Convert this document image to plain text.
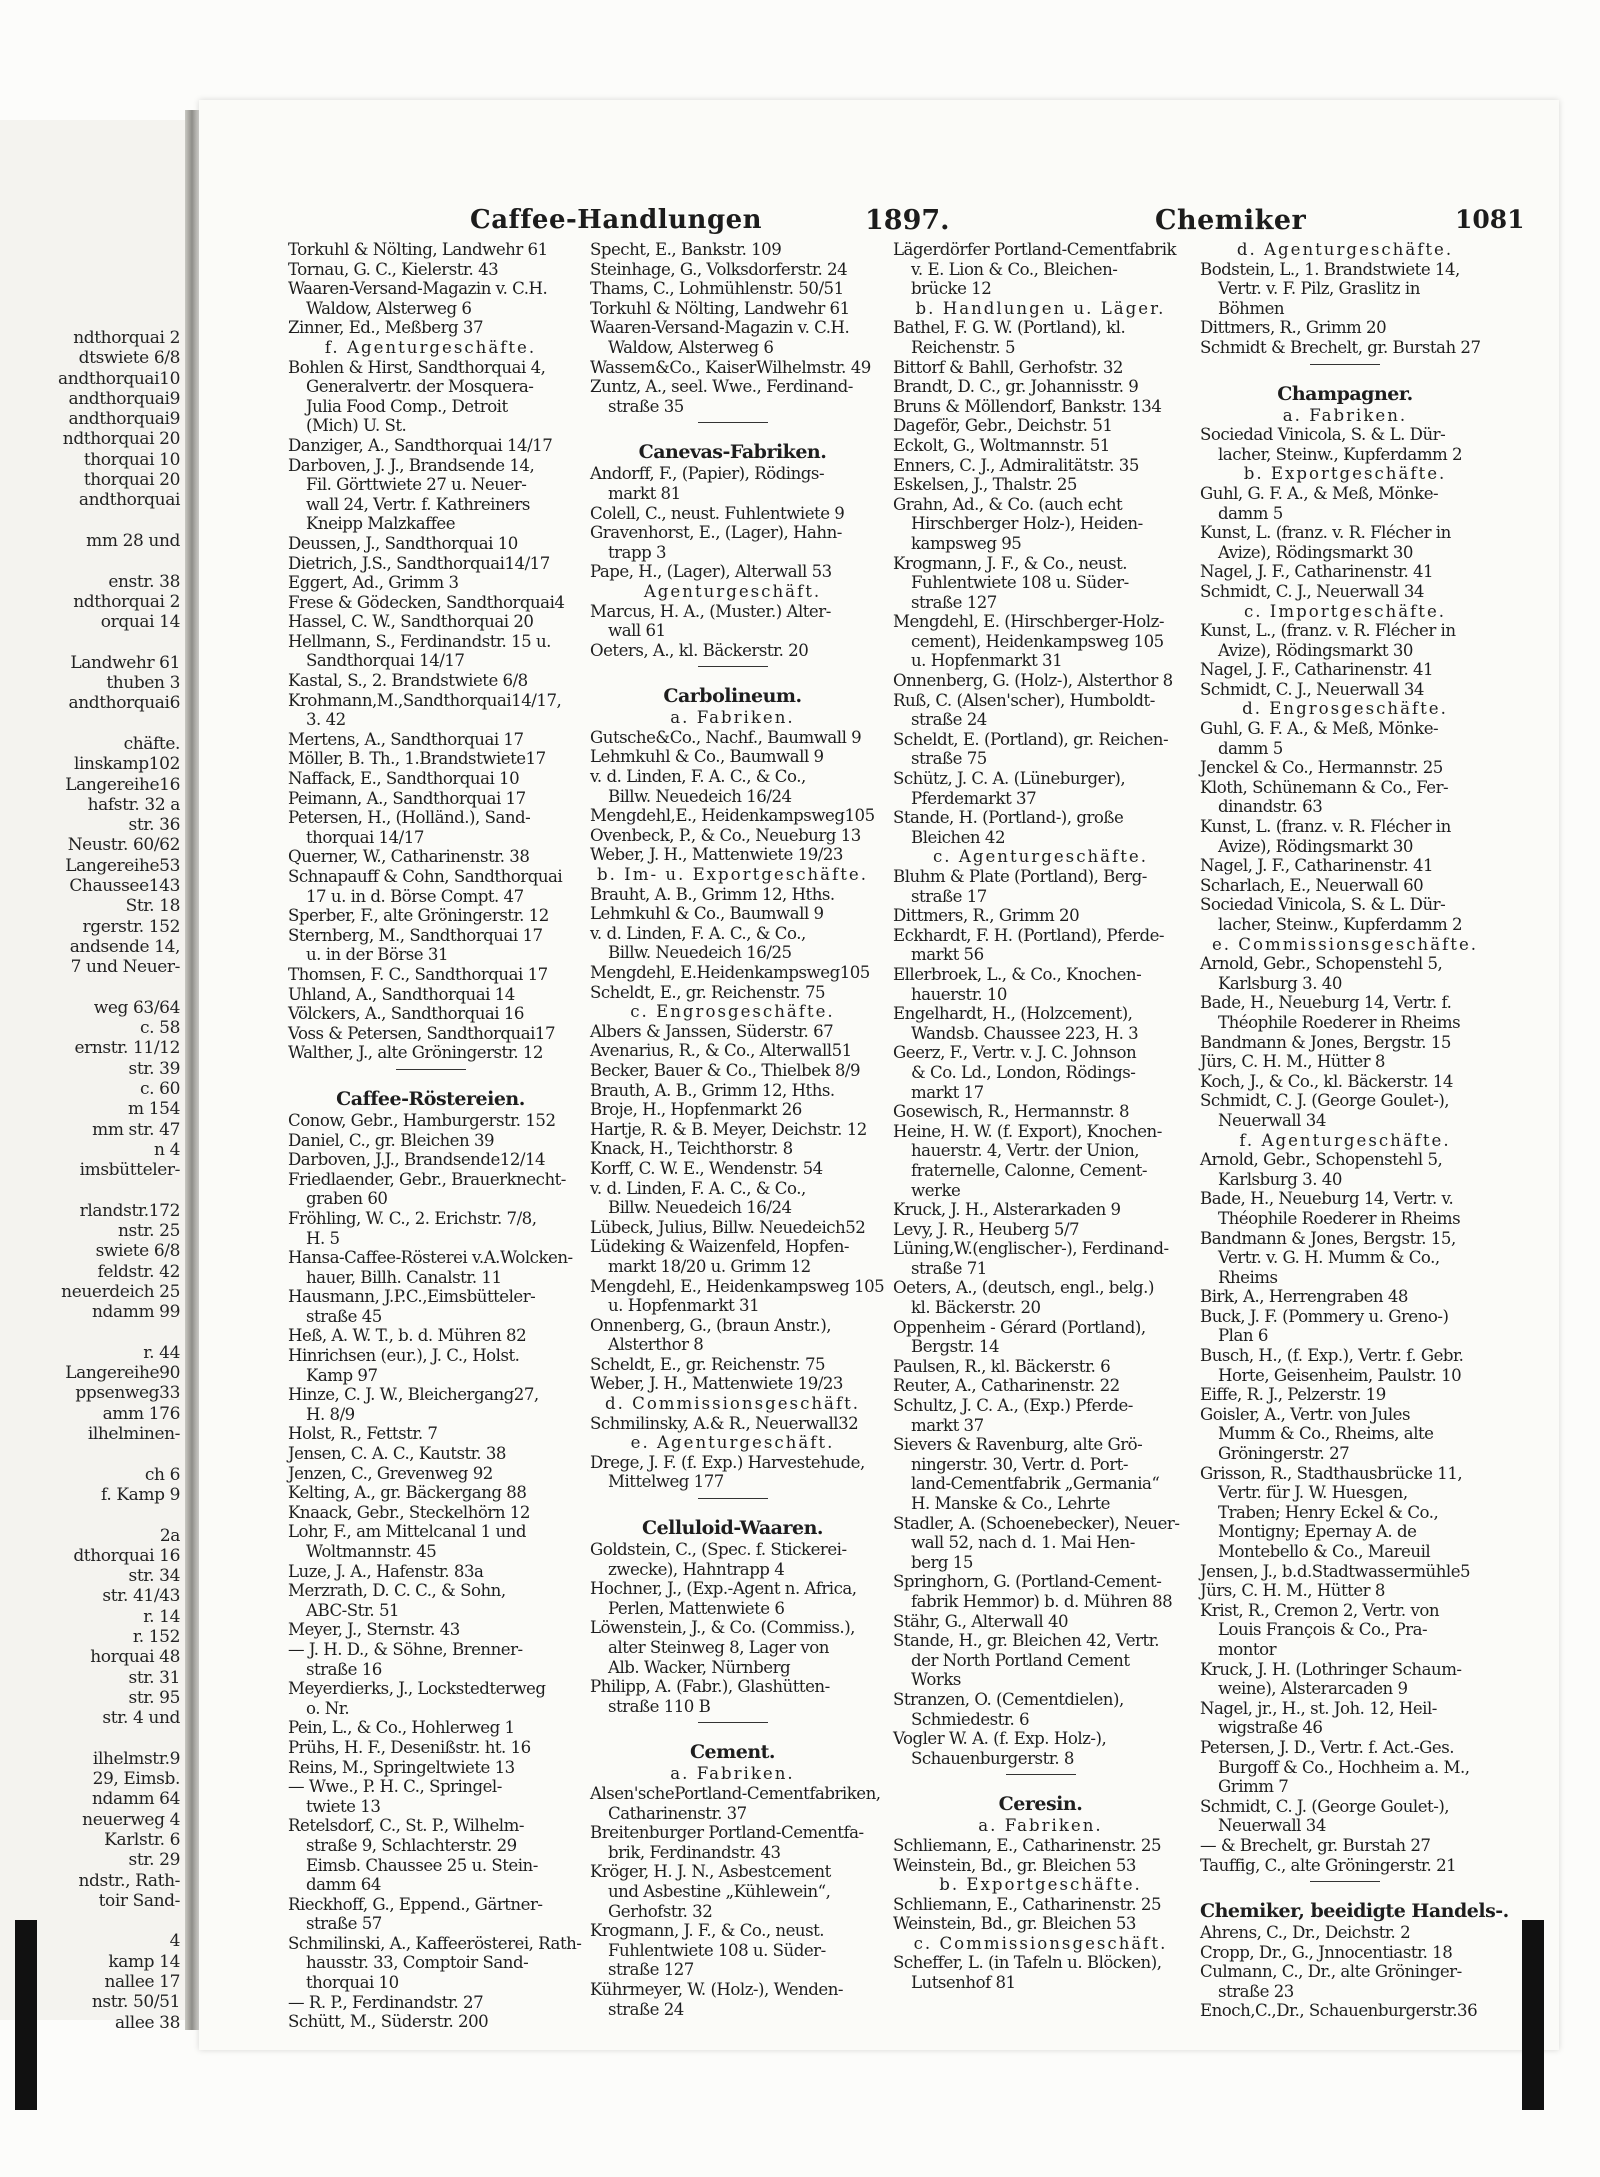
ndthorquai 2
dtswiete 6/8
andthorquai10
andthorquai9
andthorquai9
ndthorquai 20
thorquai 10
thorquai 20
andthorquai

mm 28 und

enstr. 38
ndthorquai 2
orquai 14

Landwehr 61
thuben 3
andthorquai6

chäfte.
linskamp102
Langereihe16
hafstr. 32 a
str. 36
Neustr. 60/62
Langereihe53
Chaussee143
Str. 18
rgerstr. 152
andsende 14,
7 und Neuer-

weg 63/64
c. 58
ernstr. 11/12
str. 39
c. 60
m 154
mm str. 47
n 4
imsbütteler-

rlandstr.172
nstr. 25
swiete 6/8
feldstr. 42
neuerdeich 25
ndamm 99

r. 44
Langereihe90
ppsenweg33
amm 176
ilhelminen-

ch 6
f. Kamp 9

2a
dthorquai 16
str. 34
str. 41/43
r. 14
r. 152
horquai 48
str. 31
str. 95
str. 4 und

ilhelmstr.9
29, Eimsb.
ndamm 64
neuerweg 4
Karlstr. 6
str. 29
ndstr., Rath-
toir Sand-

4
kamp 14
nallee 17
nstr. 50/51
allee 38
Caffee-Handlungen	1897.	Chemiker	1081
Torkuhl & Nölting, Landwehr 61
Tornau, G. C., Kielerstr. 43
Waaren-Versand-Magazin v. C.H.
Waldow, Alsterweg 6
Zinner, Ed., Meßberg 37
f. Agenturgeschäfte.
Bohlen & Hirst, Sandthorquai 4,
Generalvertr. der Mosquera-
Julia Food Comp., Detroit
(Mich) U. St.
Danziger, A., Sandthorquai 14/17
Darboven, J. J., Brandsende 14,
Fil. Görttwiete 27 u. Neuer-
wall 24, Vertr. f. Kathreiners
Kneipp Malzkaffee
Deussen, J., Sandthorquai 10
Dietrich, J.S., Sandthorquai14/17
Eggert, Ad., Grimm 3
Frese & Gödecken, Sandthorquai4
Hassel, C. W., Sandthorquai 20
Hellmann, S., Ferdinandstr. 15 u.
Sandthorquai 14/17
Kastal, S., 2. Brandstwiete 6/8
Krohmann,M.,Sandthorquai14/17,
3. 42
Mertens, A., Sandthorquai 17
Möller, B. Th., 1.Brandstwiete17
Naffack, E., Sandthorquai 10
Peimann, A., Sandthorquai 17
Petersen, H., (Holländ.), Sand-
thorquai 14/17
Querner, W., Catharinenstr. 38
Schnapauff & Cohn, Sandthorquai
17 u. in d. Börse Compt. 47
Sperber, F., alte Gröningerstr. 12
Sternberg, M., Sandthorquai 17
u. in der Börse 31
Thomsen, F. C., Sandthorquai 17
Uhland, A., Sandthorquai 14
Völckers, A., Sandthorquai 16
Voss & Petersen, Sandthorquai17
Walther, J., alte Gröningerstr. 12
Caffee-Röstereien.
Conow, Gebr., Hamburgerstr. 152
Daniel, C., gr. Bleichen 39
Darboven, J.J., Brandsende12/14
Friedlaender, Gebr., Brauerknecht-
graben 60
Fröhling, W. C., 2. Erichstr. 7/8,
H. 5
Hansa-Caffee-Rösterei v.A.Wolcken-
hauer, Billh. Canalstr. 11
Hausmann, J.P.C.,Eimsbütteler-
straße 45
Heß, A. W. T., b. d. Mühren 82
Hinrichsen (eur.), J. C., Holst.
Kamp 97
Hinze, C. J. W., Bleichergang27,
H. 8/9
Holst, R., Fettstr. 7
Jensen, C. A. C., Kautstr. 38
Jenzen, C., Grevenweg 92
Kelting, A., gr. Bäckergang 88
Knaack, Gebr., Steckelhörn 12
Lohr, F., am Mittelcanal 1 und
Woltmannstr. 45
Luze, J. A., Hafenstr. 83a
Merzrath, D. C. C., & Sohn,
ABC-Str. 51
Meyer, J., Sternstr. 43
— J. H. D., & Söhne, Brenner-
straße 16
Meyerdierks, J., Lockstedterweg
o. Nr.
Pein, L., & Co., Hohlerweg 1
Prühs, H. F., Desenißstr. ht. 16
Reins, M., Springeltwiete 13
— Wwe., P. H. C., Springel-
twiete 13
Retelsdorf, C., St. P., Wilhelm-
straße 9, Schlachterstr. 29
Eimsb. Chaussee 25 u. Stein-
damm 64
Rieckhoff, G., Eppend., Gärtner-
straße 57
Schmilinski, A., Kaffeerösterei, Rath-
hausstr. 33, Comptoir Sand-
thorquai 10
— R. P., Ferdinandstr. 27
Schütt, M., Süderstr. 200
Specht, E., Bankstr. 109
Steinhage, G., Volksdorferstr. 24
Thams, C., Lohmühlenstr. 50/51
Torkuhl & Nölting, Landwehr 61
Waaren-Versand-Magazin v. C.H.
Waldow, Alsterweg 6
Wassem&Co., KaiserWilhelmstr. 49
Zuntz, A., seel. Wwe., Ferdinand-
straße 35
Canevas-Fabriken.
Andorff, F., (Papier), Rödings-
markt 81
Colell, C., neust. Fuhlentwiete 9
Gravenhorst, E., (Lager), Hahn-
trapp 3
Pape, H., (Lager), Alterwall 53
Agenturgeschäft.
Marcus, H. A., (Muster.) Alter-
wall 61
Oeters, A., kl. Bäckerstr. 20
Carbolineum.
a. Fabriken.
Gutsche&Co., Nachf., Baumwall 9
Lehmkuhl & Co., Baumwall 9
v. d. Linden, F. A. C., & Co.,
Billw. Neuedeich 16/24
Mengdehl,E., Heidenkampsweg105
Ovenbeck, P., & Co., Neueburg 13
Weber, J. H., Mattenwiete 19/23
b. Im- u. Exportgeschäfte.
Brauht, A. B., Grimm 12, Hths.
Lehmkuhl & Co., Baumwall 9
v. d. Linden, F. A. C., & Co.,
Billw. Neuedeich 16/25
Mengdehl, E.Heidenkampsweg105
Scheldt, E., gr. Reichenstr. 75
c. Engrosgeschäfte.
Albers & Janssen, Süderstr. 67
Avenarius, R., & Co., Alterwall51
Becker, Bauer & Co., Thielbek 8/9
Brauth, A. B., Grimm 12, Hths.
Broje, H., Hopfenmarkt 26
Hartje, R. & B. Meyer, Deichstr. 12
Knack, H., Teichthorstr. 8
Korff, C. W. E., Wendenstr. 54
v. d. Linden, F. A. C., & Co.,
Billw. Neuedeich 16/24
Lübeck, Julius, Billw. Neuedeich52
Lüdeking & Waizenfeld, Hopfen-
markt 18/20 u. Grimm 12
Mengdehl, E., Heidenkampsweg 105
u. Hopfenmarkt 31
Onnenberg, G., (braun Anstr.),
Alsterthor 8
Scheldt, E., gr. Reichenstr. 75
Weber, J. H., Mattenwiete 19/23
d. Commissionsgeschäft.
Schmilinsky, A.& R., Neuerwall32
e. Agenturgeschäft.
Drege, J. F. (f. Exp.) Harvestehude,
Mittelweg 177
Celluloid-Waaren.
Goldstein, C., (Spec. f. Stickerei-
zwecke), Hahntrapp 4
Hochner, J., (Exp.-Agent n. Africa,
Perlen, Mattenwiete 6
Löwenstein, J., & Co. (Commiss.),
alter Steinweg 8, Lager von
Alb. Wacker, Nürnberg
Philipp, A. (Fabr.), Glashütten-
straße 110 B
Cement.
a. Fabriken.
Alsen'schePortland-Cementfabriken,
Catharinenstr. 37
Breitenburger Portland-Cementfa-
brik, Ferdinandstr. 43
Kröger, H. J. N., Asbestcement
und Asbestine „Kühlewein“,
Gerhofstr. 32
Krogmann, J. F., & Co., neust.
Fuhlentwiete 108 u. Süder-
straße 127
Kührmeyer, W. (Holz-), Wenden-
straße 24
Lägerdörfer Portland-Cementfabrik
v. E. Lion & Co., Bleichen-
brücke 12
b. Handlungen u. Läger.
Bathel, F. G. W. (Portland), kl.
Reichenstr. 5
Bittorf & Bahll, Gerhofstr. 32
Brandt, D. C., gr. Johannisstr. 9
Bruns & Möllendorf, Bankstr. 134
Dageför, Gebr., Deichstr. 51
Eckolt, G., Woltmannstr. 51
Enners, C. J., Admiralitätstr. 35
Eskelsen, J., Thalstr. 25
Grahn, Ad., & Co. (auch echt
Hirschberger Holz-), Heiden-
kampsweg 95
Krogmann, J. F., & Co., neust.
Fuhlentwiete 108 u. Süder-
straße 127
Mengdehl, E. (Hirschberger-Holz-
cement), Heidenkampsweg 105
u. Hopfenmarkt 31
Onnenberg, G. (Holz-), Alsterthor 8
Ruß, C. (Alsen'scher), Humboldt-
straße 24
Scheldt, E. (Portland), gr. Reichen-
straße 75
Schütz, J. C. A. (Lüneburger),
Pferdemarkt 37
Stande, H. (Portland-), große
Bleichen 42
c. Agenturgeschäfte.
Bluhm & Plate (Portland), Berg-
straße 17
Dittmers, R., Grimm 20
Eckhardt, F. H. (Portland), Pferde-
markt 56
Ellerbroek, L., & Co., Knochen-
hauerstr. 10
Engelhardt, H., (Holzcement),
Wandsb. Chaussee 223, H. 3
Geerz, F., Vertr. v. J. C. Johnson
& Co. Ld., London, Rödings-
markt 17
Gosewisch, R., Hermannstr. 8
Heine, H. W. (f. Export), Knochen-
hauerstr. 4, Vertr. der Union,
fraternelle, Calonne, Cement-
werke
Kruck, J. H., Alsterarkaden 9
Levy, J. R., Heuberg 5/7
Lüning,W.(englischer-), Ferdinand-
straße 71
Oeters, A., (deutsch, engl., belg.)
kl. Bäckerstr. 20
Oppenheim - Gérard (Portland),
Bergstr. 14
Paulsen, R., kl. Bäckerstr. 6
Reuter, A., Catharinenstr. 22
Schultz, J. C. A., (Exp.) Pferde-
markt 37
Sievers & Ravenburg, alte Grö-
ningerstr. 30, Vertr. d. Port-
land-Cementfabrik „Germania“
H. Manske & Co., Lehrte
Stadler, A. (Schoenebecker), Neuer-
wall 52, nach d. 1. Mai Hen-
berg 15
Springhorn, G. (Portland-Cement-
fabrik Hemmor) b. d. Mühren 88
Stähr, G., Alterwall 40
Stande, H., gr. Bleichen 42, Vertr.
der North Portland Cement
Works
Stranzen, O. (Cementdielen),
Schmiedestr. 6
Vogler W. A. (f. Exp. Holz-),
Schauenburgerstr. 8
Ceresin.
a. Fabriken.
Schliemann, E., Catharinenstr. 25
Weinstein, Bd., gr. Bleichen 53
b. Exportgeschäfte.
Schliemann, E., Catharinenstr. 25
Weinstein, Bd., gr. Bleichen 53
c. Commissionsgeschäft.
Scheffer, L. (in Tafeln u. Blöcken),
Lutsenhof 81
d. Agenturgeschäfte.
Bodstein, L., 1. Brandstwiete 14,
Vertr. v. F. Pilz, Graslitz in
Böhmen
Dittmers, R., Grimm 20
Schmidt & Brechelt, gr. Burstah 27
Champagner.
a. Fabriken.
Sociedad Vinicola, S. & L. Dür-
lacher, Steinw., Kupferdamm 2
b. Exportgeschäfte.
Guhl, G. F. A., & Meß, Mönke-
damm 5
Kunst, L. (franz. v. R. Flécher in
Avize), Rödingsmarkt 30
Nagel, J. F., Catharinenstr. 41
Schmidt, C. J., Neuerwall 34
c. Importgeschäfte.
Kunst, L., (franz. v. R. Flécher in
Avize), Rödingsmarkt 30
Nagel, J. F., Catharinenstr. 41
Schmidt, C. J., Neuerwall 34
d. Engrosgeschäfte.
Guhl, G. F. A., & Meß, Mönke-
damm 5
Jenckel & Co., Hermannstr. 25
Kloth, Schünemann & Co., Fer-
dinandstr. 63
Kunst, L. (franz. v. R. Flécher in
Avize), Rödingsmarkt 30
Nagel, J. F., Catharinenstr. 41
Scharlach, E., Neuerwall 60
Sociedad Vinicola, S. & L. Dür-
lacher, Steinw., Kupferdamm 2
e. Commissionsgeschäfte.
Arnold, Gebr., Schopenstehl 5,
Karlsburg 3. 40
Bade, H., Neueburg 14, Vertr. f.
Théophile Roederer in Rheims
Bandmann & Jones, Bergstr. 15
Jürs, C. H. M., Hütter 8
Koch, J., & Co., kl. Bäckerstr. 14
Schmidt, C. J. (George Goulet-),
Neuerwall 34
f. Agenturgeschäfte.
Arnold, Gebr., Schopenstehl 5,
Karlsburg 3. 40
Bade, H., Neueburg 14, Vertr. v.
Théophile Roederer in Rheims
Bandmann & Jones, Bergstr. 15,
Vertr. v. G. H. Mumm & Co.,
Rheims
Birk, A., Herrengraben 48
Buck, J. F. (Pommery u. Greno-)
Plan 6
Busch, H., (f. Exp.), Vertr. f. Gebr.
Horte, Geisenheim, Paulstr. 10
Eiffe, R. J., Pelzerstr. 19
Goisler, A., Vertr. von Jules
Mumm & Co., Rheims, alte
Gröningerstr. 27
Grisson, R., Stadthausbrücke 11,
Vertr. für J. W. Huesgen,
Traben; Henry Eckel & Co.,
Montigny; Epernay A. de
Montebello & Co., Mareuil
Jensen, J., b.d.Stadtwassermühle5
Jürs, C. H. M., Hütter 8
Krist, R., Cremon 2, Vertr. von
Louis François & Co., Pra-
montor
Kruck, J. H. (Lothringer Schaum-
weine), Alsterarcaden 9
Nagel, jr., H., st. Joh. 12, Heil-
wigstraße 46
Petersen, J. D., Vertr. f. Act.-Ges.
Burgoff & Co., Hochheim a. M.,
Grimm 7
Schmidt, C. J. (George Goulet-),
Neuerwall 34
— & Brechelt, gr. Burstah 27
Tauffig, C., alte Gröningerstr. 21
Chemiker, beeidigte Handels-.
Ahrens, C., Dr., Deichstr. 2
Cropp, Dr., G., Jnnocentiastr. 18
Culmann, C., Dr., alte Gröninger-
straße 23
Enoch,C.,Dr., Schauenburgerstr.36
